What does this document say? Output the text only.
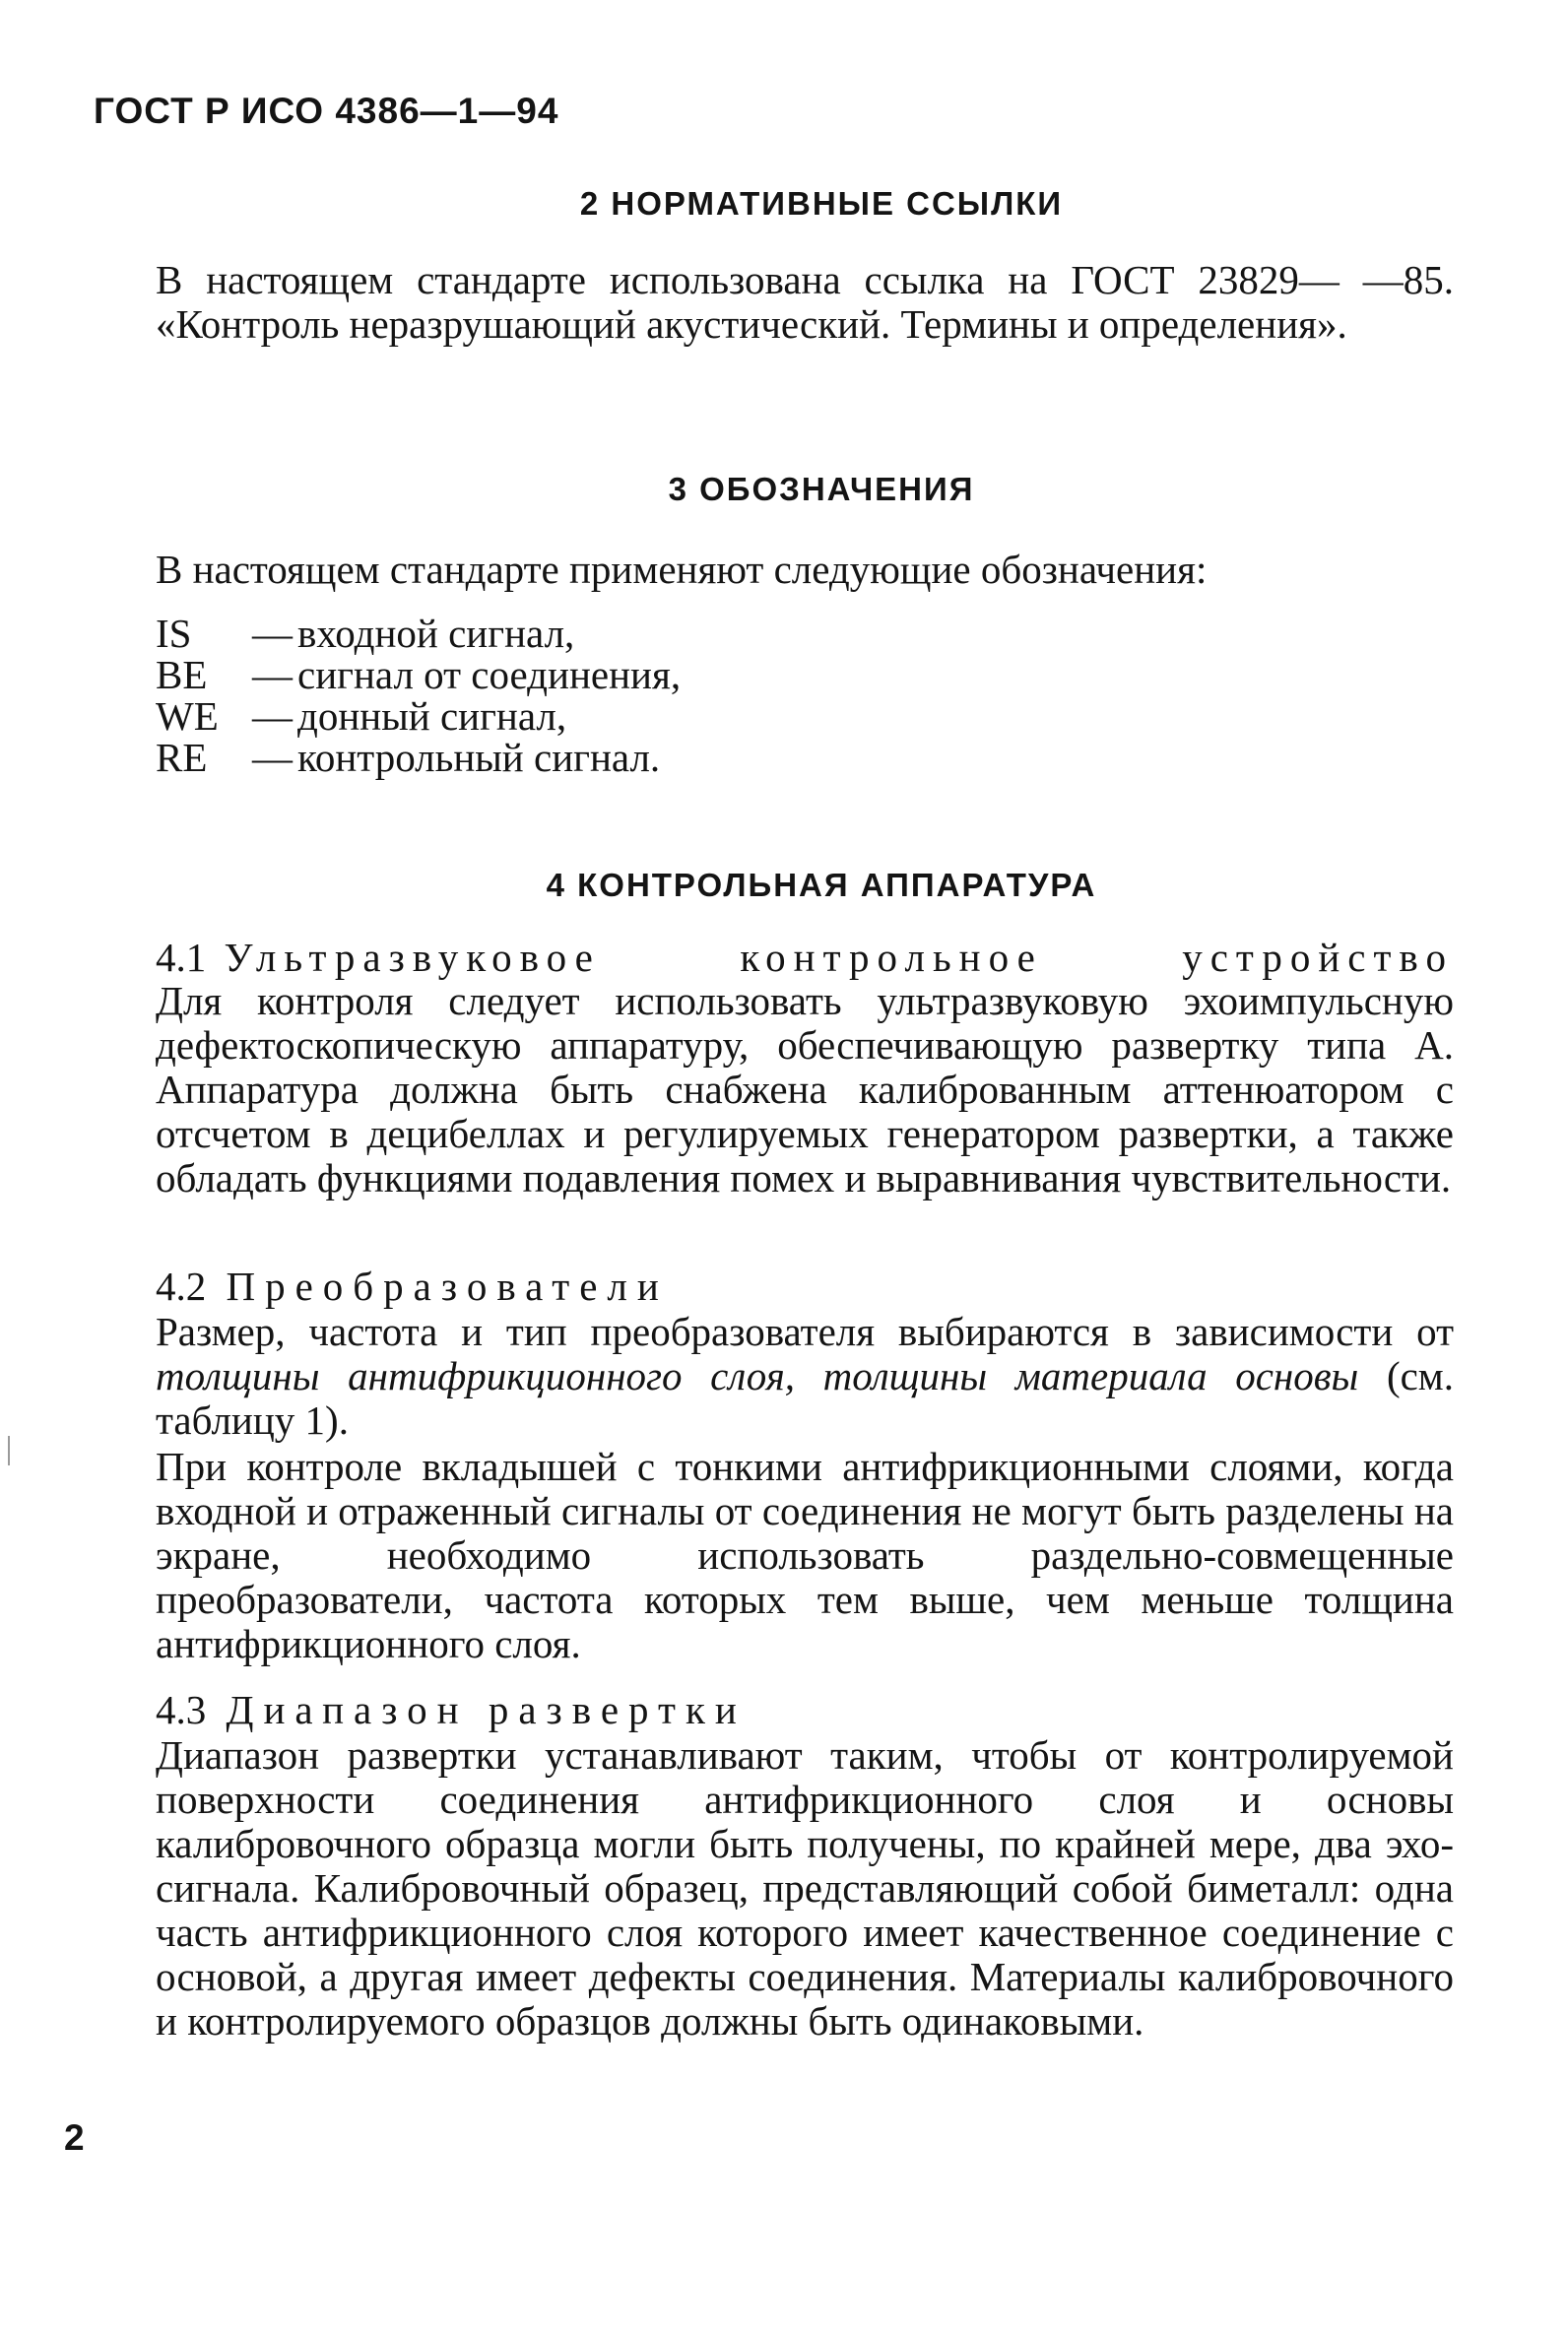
ГОСТ Р ИСО 4386—1—94
2 НОРМАТИВНЫЕ ССЫЛКИ
В настоящем стандарте использована ссылка на ГОСТ 23829— —85. «Контроль неразрушающий акустический. Термины и определения».
3 ОБОЗНАЧЕНИЯ
В настоящем стандарте применяют следующие обозначения:
IS	— входной сигнал,
BE	— сигнал от соединения,
WE — донный сигнал,
RE	— контрольный сигнал.
4 КОНТРОЛЬНАЯ АППАРАТУРА
4.1 Ультразвуковое	контрольное	устройство
Для контроля следует использовать ультразвуковую эхоимпульсную дефектоскопическую аппаратуру, обеспечивающую развертку типа А. Аппаратура должна быть снабжена калиброванным аттенюатором с отсчетом в децибеллах и регулируемых генератором развертки, а также обладать функциями подавления помех и выравнивания чувствительности.
4.2 Преобразователи
Размер, частота и тип преобразователя выбираются в зависимости от толщины антифрикционного слоя, толщины материала основы (см. таблицу 1).
При контроле вкладышей с тонкими антифрикционными слоями, когда входной и отраженный сигналы от соединения не могут быть разделены на экране, необходимо использовать раздельно-совмещенные преобразователи, частота которых тем выше, чем меньше толщина антифрикционного слоя.
4.3 Диапазон развертки
Диапазон развертки устанавливают таким, чтобы от контролируемой поверхности соединения антифрикционного слоя и основы калибровочного образца могли быть получены, по крайней мере, два эхо-сигнала. Калибровочный образец, представляющий собой биметалл: одна часть антифрикционного слоя которого имеет качественное соединение с основой, а другая имеет дефекты соединения. Материалы калибровочного и контролируемого образцов должны быть одинаковыми.
2
